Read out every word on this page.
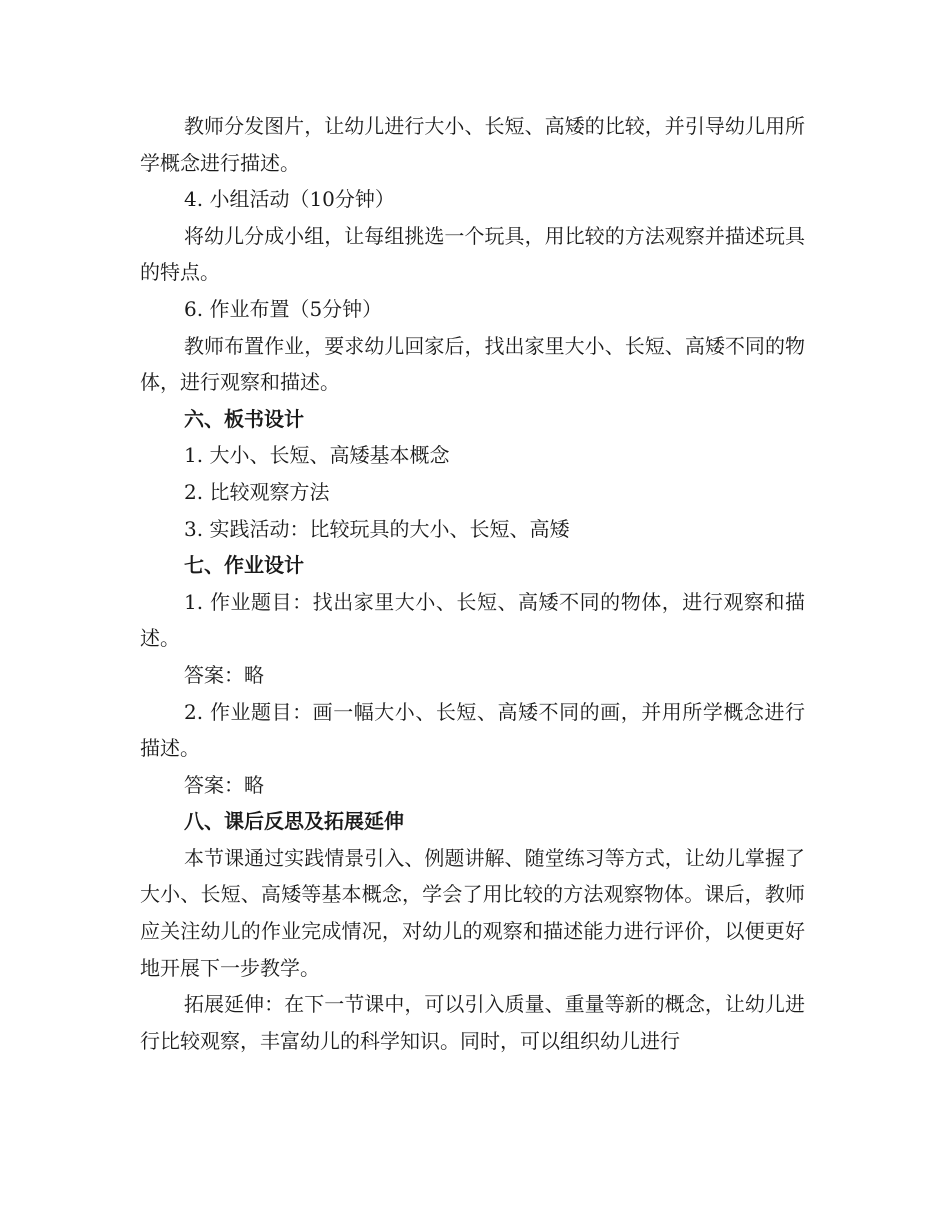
教师分发图片，让幼儿进行大小、长短、高矮的比较，并引导幼儿用所学概念进行描述。

4. 小组活动（10分钟）

将幼儿分成小组，让每组挑选一个玩具，用比较的方法观察并描述玩具的特点。

6. 作业布置（5分钟）

教师布置作业，要求幼儿回家后，找出家里大小、长短、高矮不同的物体，进行观察和描述。

六、板书设计

1. 大小、长短、高矮基本概念

2. 比较观察方法

3. 实践活动：比较玩具的大小、长短、高矮

七、作业设计

1. 作业题目：找出家里大小、长短、高矮不同的物体，进行观察和描述。

答案：略

2. 作业题目：画一幅大小、长短、高矮不同的画，并用所学概念进行描述。

答案：略

八、课后反思及拓展延伸

本节课通过实践情景引入、例题讲解、随堂练习等方式，让幼儿掌握了大小、长短、高矮等基本概念，学会了用比较的方法观察物体。课后，教师应关注幼儿的作业完成情况，对幼儿的观察和描述能力进行评价，以便更好地开展下一步教学。

拓展延伸：在下一节课中，可以引入质量、重量等新的概念，让幼儿进行比较观察，丰富幼儿的科学知识。同时，可以组织幼儿进行
